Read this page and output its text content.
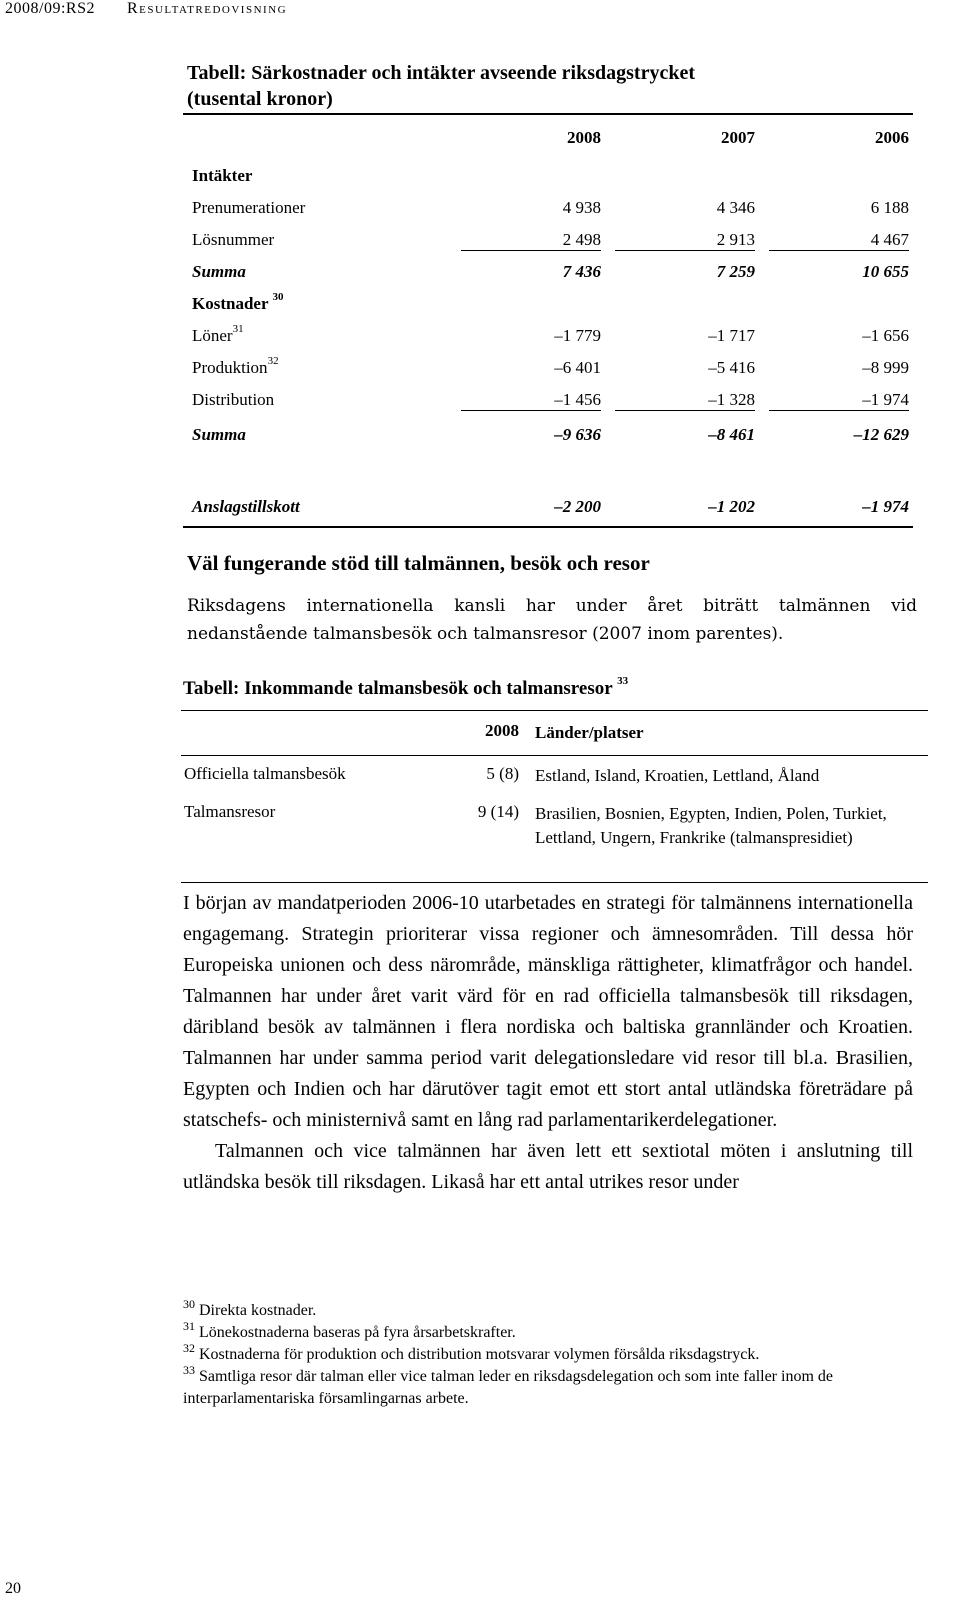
2008/09:RS2 Resultatredovisning
Tabell: Särkostnader och intäkter avseende riksdagstrycket
(tusental kronor)
	2008	2007	2006
Intäkter			
Prenumerationer	4 938	4 346	6 188
Lösnummer	2 498	2 913	4 467
Summa	7 436	7 259	10 655
Kostnader $^{30}$			
Löner$^{31}$	–1 779	–1 717	–1 656
Produktion$^{32}$	–6 401	–5 416	–8 999
Distribution	–1 456	–1 328	–1 974
Summa	–9 636	–8 461	–12 629

Anslagstillskott	–2 200	–1 202	–1 974
Väl fungerande stöd till talmännen, besök och resor
Riksdagens internationella kansli har under året biträtt talmännen vid nedanstående talmansbesök och talmansresor (2007 inom parentes).
Tabell: Inkommande talmansbesök och talmansresor $^{33}$
	2008	Länder/platser
Officiella talmansbesök	5 (8)	Estland, Island, Kroatien, Lettland, Åland
Talmansresor	9 (14)	Brasilien, Bosnien, Egypten, Indien, Polen, Turkiet, Lettland, Ungern, Frankrike (talmanspresidiet)

I början av mandatperioden 2006-10 utarbetades en strategi för talmännens internationella engagemang. Strategin prioriterar vissa regioner och ämnesområden. Till dessa hör Europeiska unionen och dess närområde, mänskliga rättigheter, klimatfrågor och handel. Talmannen har under året varit värd för en rad officiella talmansbesök till riksdagen, däribland besök av talmännen i flera nordiska och baltiska grannländer och Kroatien. Talmannen har under samma period varit delegationsledare vid resor till bl.a. Brasilien, Egypten och Indien och har därutöver tagit emot ett stort antal utländska företrädare på statschefs- och ministernivå samt en lång rad parlamentarikerdelegationer.

Talmannen och vice talmännen har även lett ett sextiotal möten i anslutning till utländska besök till riksdagen. Likaså har ett antal utrikes resor under

$^{30}$ Direkta kostnader.
$^{31}$ Lönekostnaderna baseras på fyra årsarbetskrafter.
$^{32}$ Kostnaderna för produktion och distribution motsvarar volymen försålda riksdagstryck.
$^{33}$ Samtliga resor där talman eller vice talman leder en riksdagsdelegation och som inte faller inom de interparlamentariska församlingarnas arbete.
20
